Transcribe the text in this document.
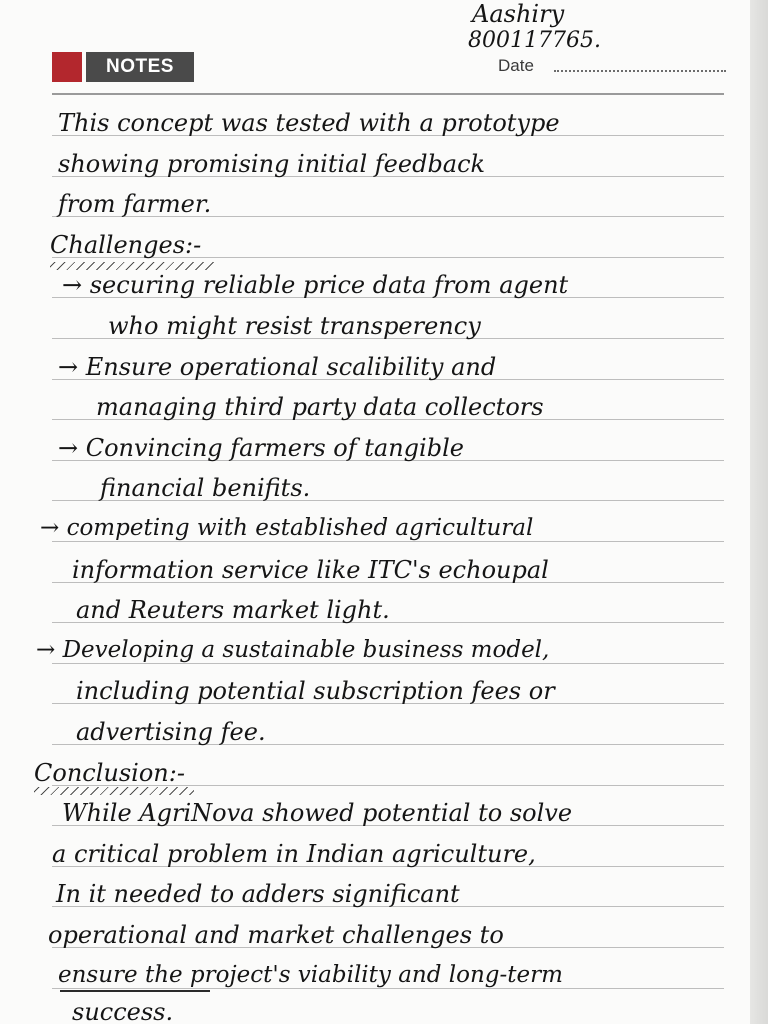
NOTES	Date
Aashiry
800117765.
This concept was tested with a prototype
showing promising initial feedback
from farmer.
Challenges:-
→ securing reliable price data from agent
who might resist transperency
→ Ensure operational scalibility and
managing third party data collectors
→ Convincing farmers of tangible
financial benifits.
→ competing with established agricultural
information service like ITC's echoupal
and Reuters market light.
→ Developing a sustainable business model,
including potential subscription fees or
advertising fee.
Conclusion:-
While AgriNova showed potential to solve
a critical problem in Indian agriculture,
In it needed to adders significant
operational and market challenges to
ensure the project's viability and long-term
success.
